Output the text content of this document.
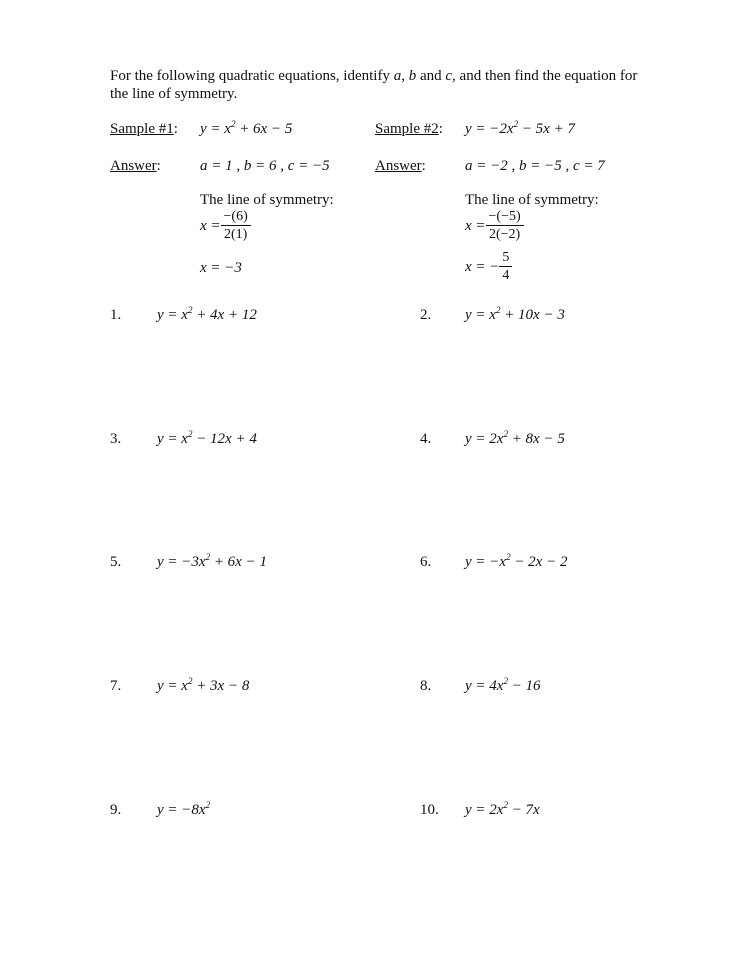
For the following quadratic equations, identify a, b and c, and then find the equation for
the line of symmetry.
Sample #1: $y = x^2 + 6x - 5$
Answer:	a = 1 , b = 6 , c = −5
The line of symmetry:
$x = \frac{-(6)}{2(1)}$
x = −3
Sample #2: $y = -2x^2 - 5x + 7$
Answer:	a = −2 , b = −5 , c = 7
The line of symmetry:
$x = \frac{-(-5)}{2(-2)}$
x = − $\frac{5}{4}$
1. $y = x^2 + 4x + 12$
3. $y = x^2 - 12x + 4$
5. $y = -3x^2 + 6x - 1$
7. $y = x^2 + 3x - 8$
9. $y = -8x^2$
2. $y = x^2 + 10x - 3$
4. $y = 2x^2 + 8x - 5$
6. $y = -x^2 - 2x - 2$
8. $y = 4x^2 - 16$
10. $y = 2x^2 - 7x$
